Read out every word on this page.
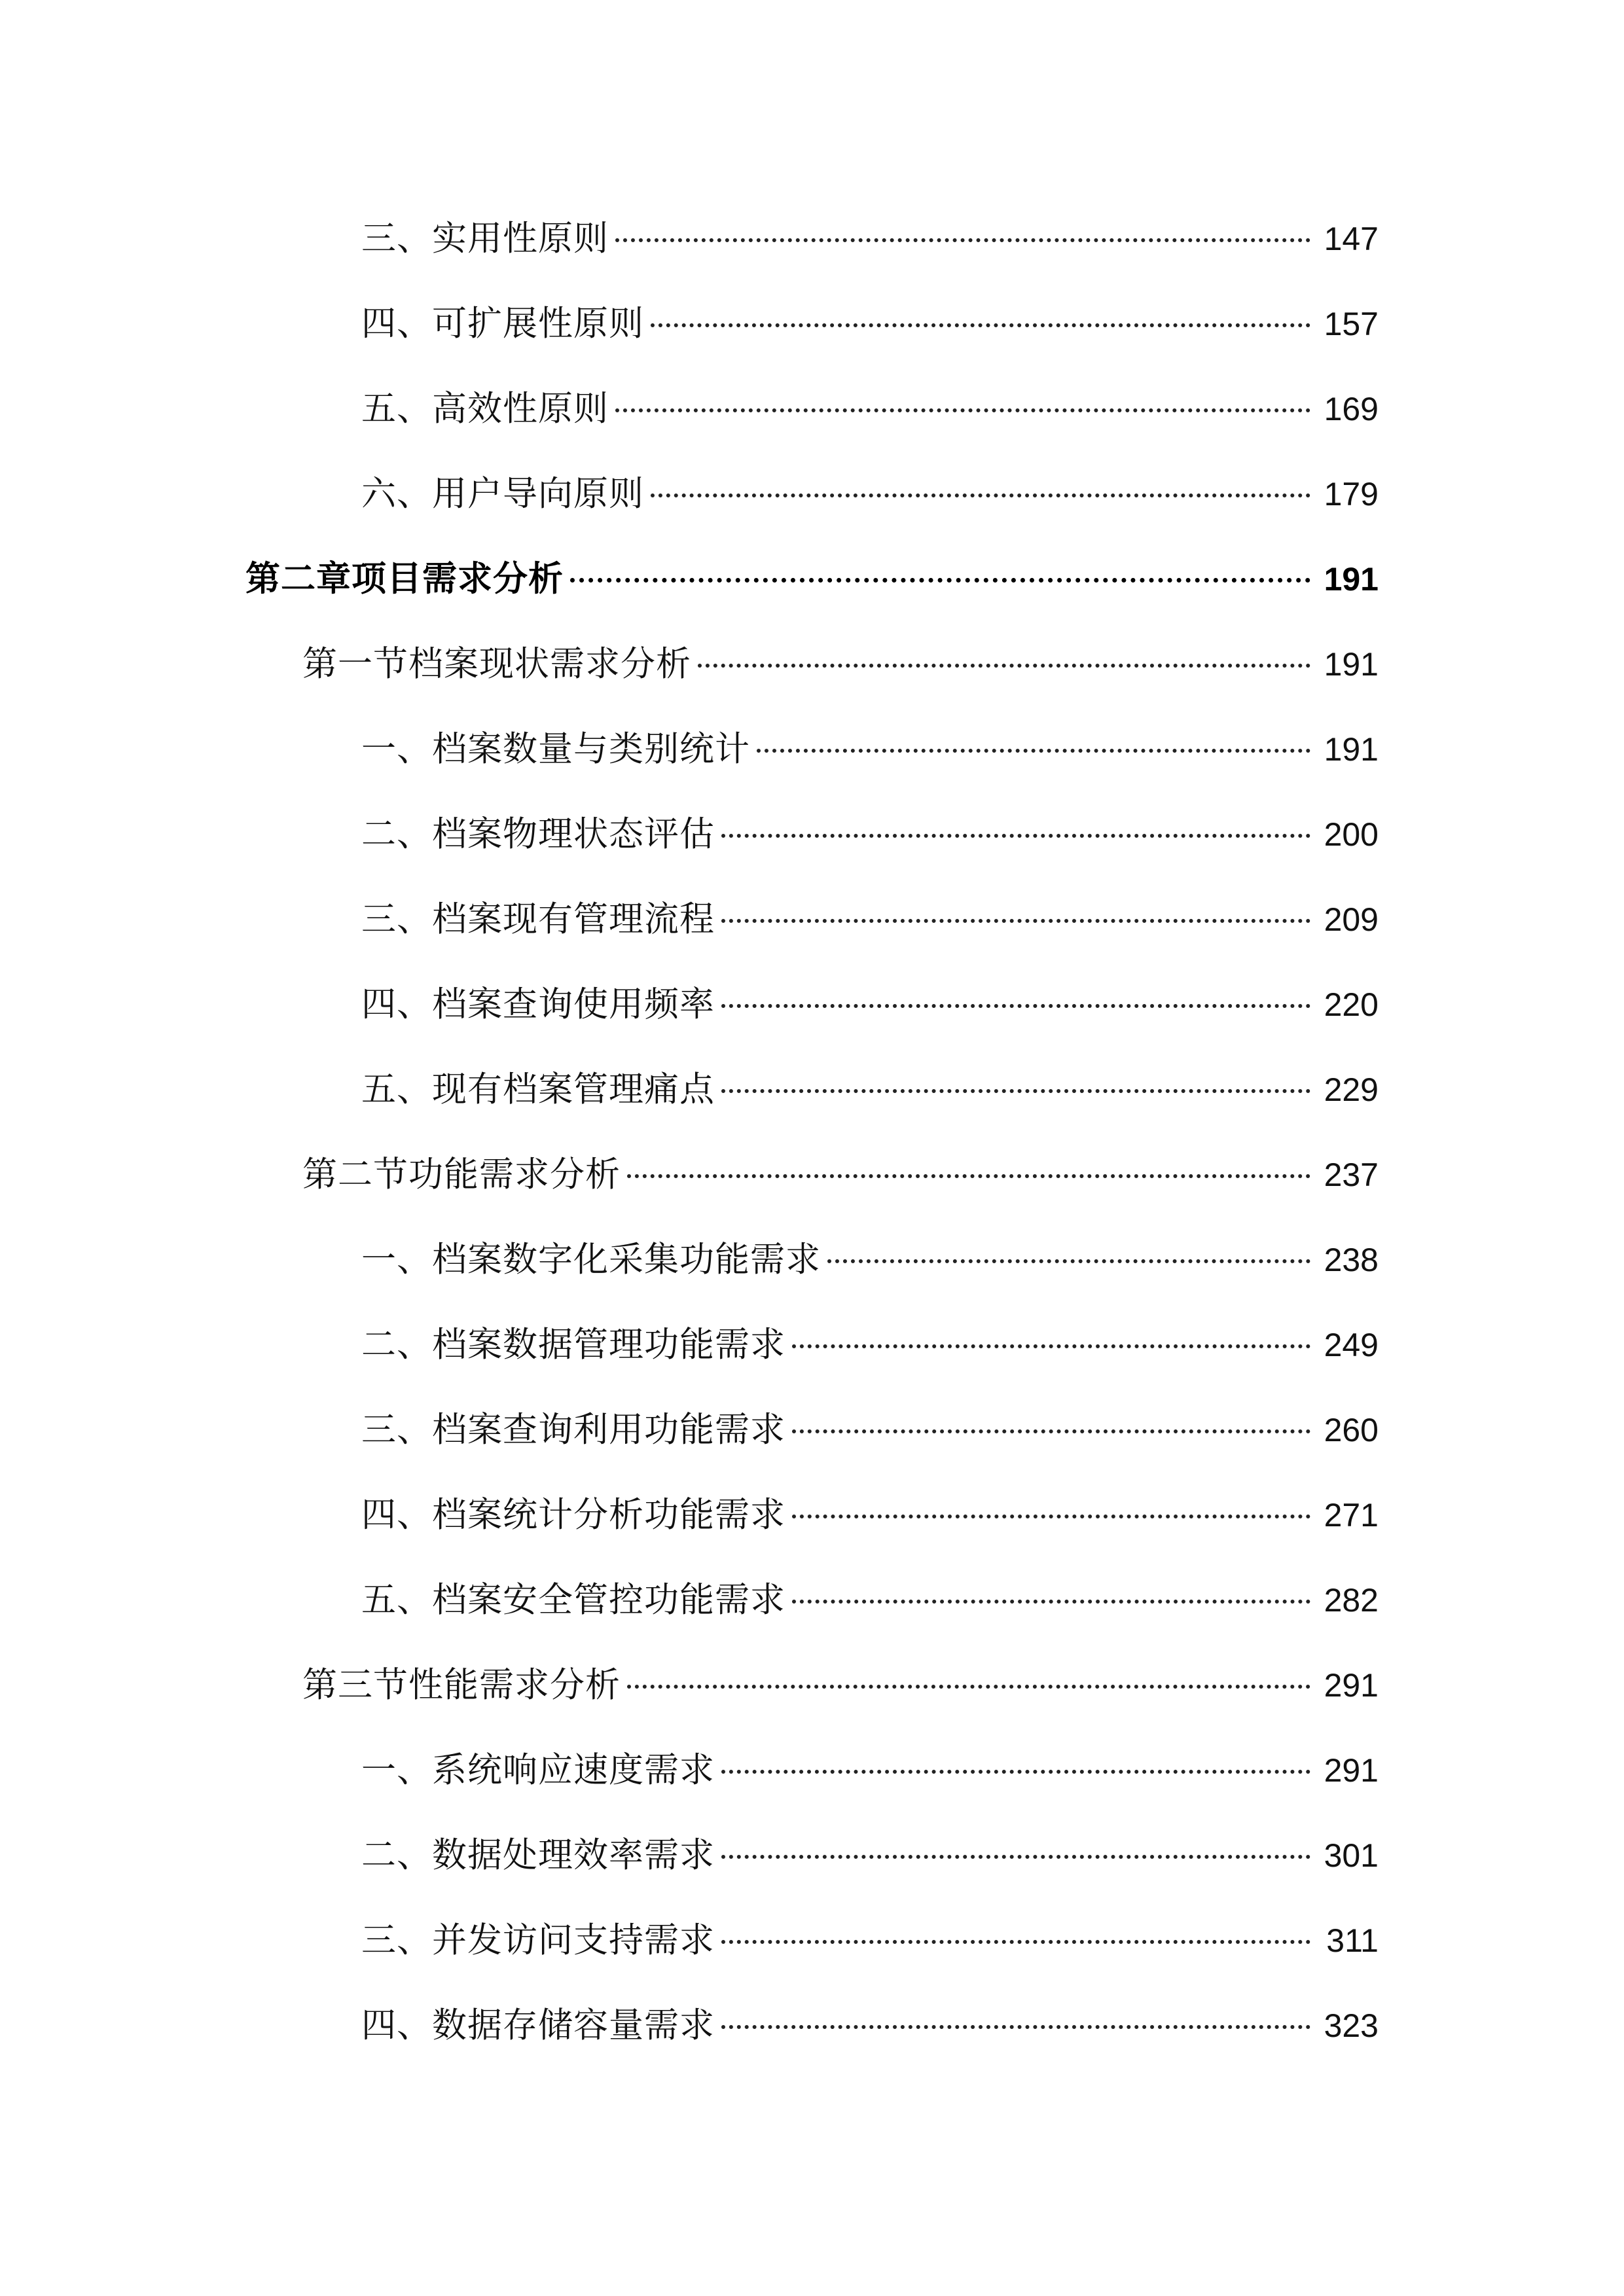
三、实用性原则	147
四、可扩展性原则	157
五、高效性原则	169
六、用户导向原则	179
第二章项目需求分析	191
第一节档案现状需求分析	191
一、档案数量与类别统计	191
二、档案物理状态评估	200
三、档案现有管理流程	209
四、档案查询使用频率	220
五、现有档案管理痛点	229
第二节功能需求分析	237
一、档案数字化采集功能需求	238
二、档案数据管理功能需求	249
三、档案查询利用功能需求	260
四、档案统计分析功能需求	271
五、档案安全管控功能需求	282
第三节性能需求分析	291
一、系统响应速度需求	291
二、数据处理效率需求	301
三、并发访问支持需求	311
四、数据存储容量需求	323
